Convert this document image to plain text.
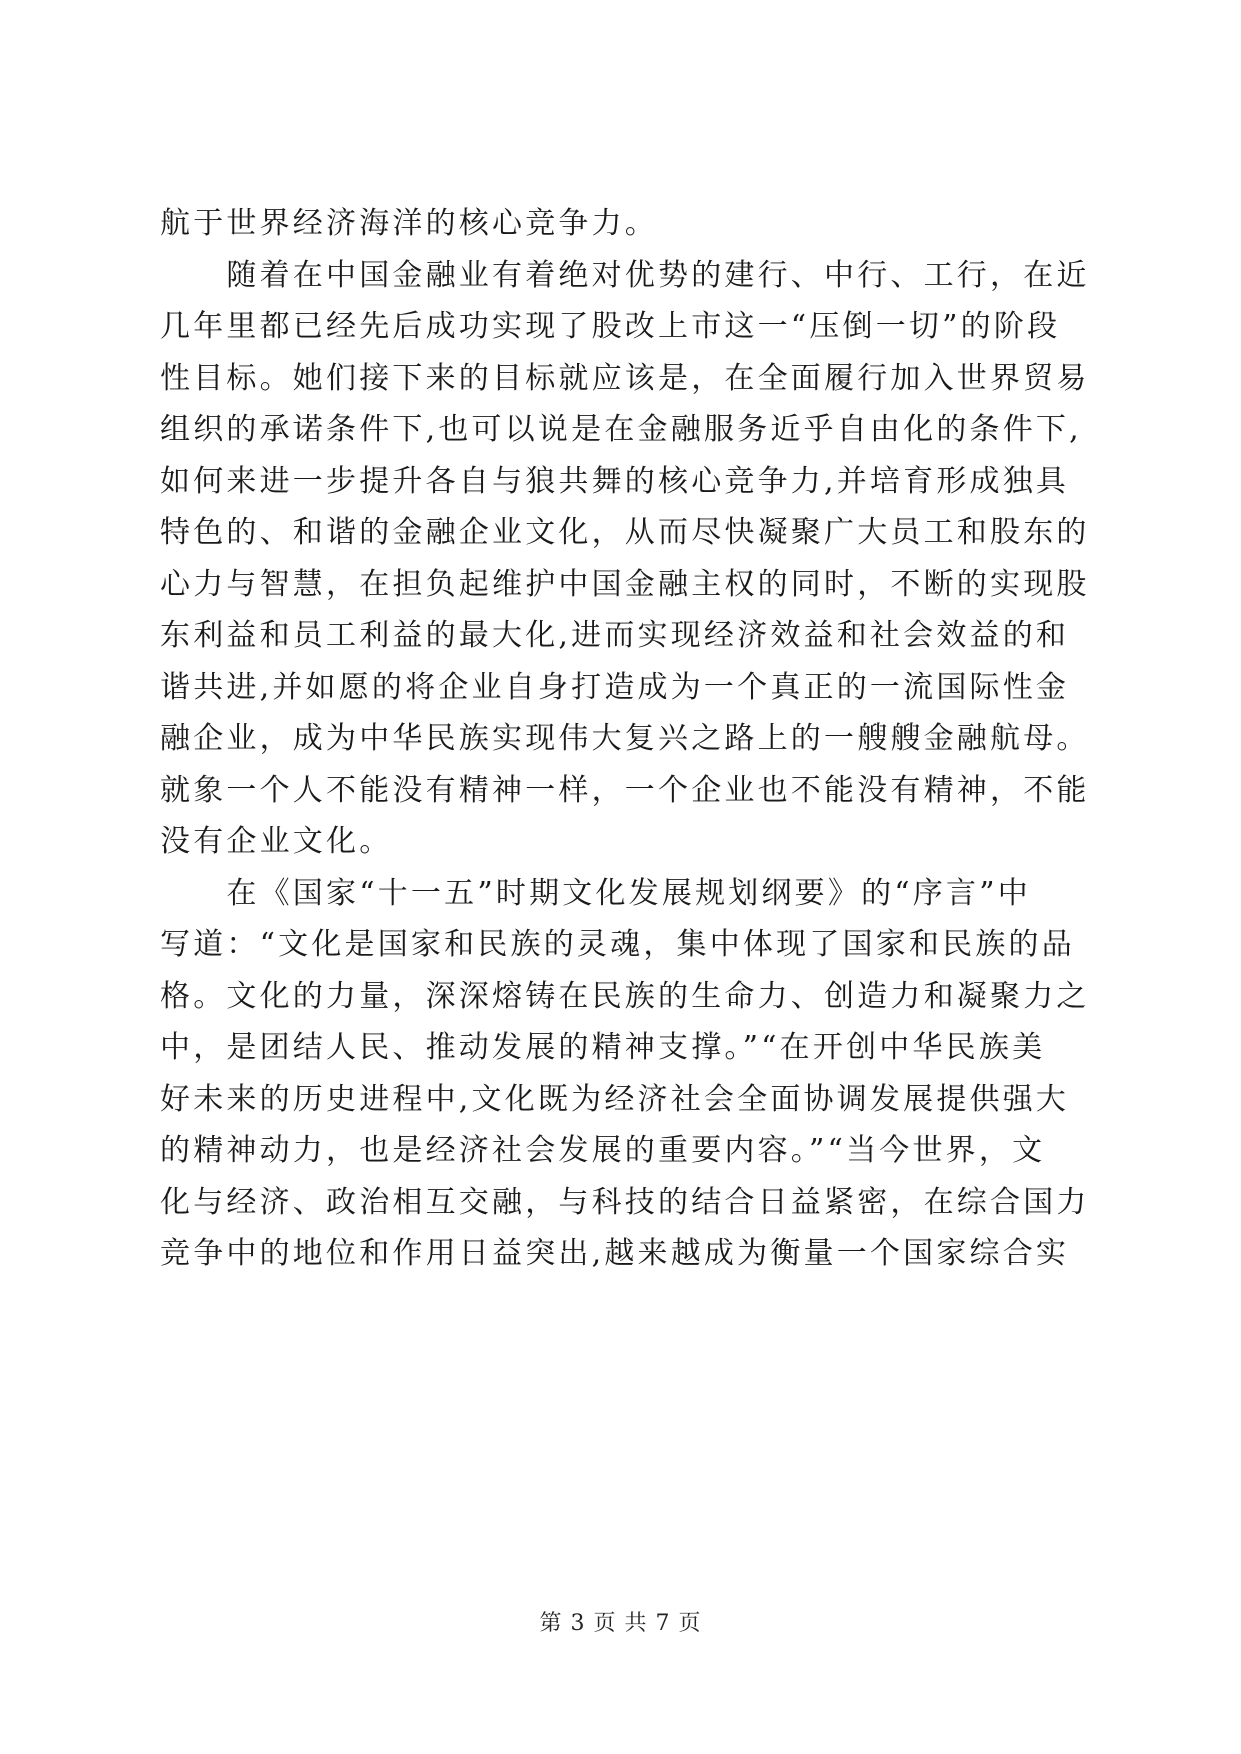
航于世界经济海洋的核心竞争力。
　　随着在中国金融业有着绝对优势的建行、中行、工行，在近
几年里都已经先后成功实现了股改上市这一“压倒一切”的阶段
性目标。她们接下来的目标就应该是，在全面履行加入世界贸易
组织的承诺条件下,也可以说是在金融服务近乎自由化的条件下,
如何来进一步提升各自与狼共舞的核心竞争力,并培育形成独具
特色的、和谐的金融企业文化，从而尽快凝聚广大员工和股东的
心力与智慧，在担负起维护中国金融主权的同时，不断的实现股
东利益和员工利益的最大化,进而实现经济效益和社会效益的和
谐共进,并如愿的将企业自身打造成为一个真正的一流国际性金
融企业，成为中华民族实现伟大复兴之路上的一艘艘金融航母。
就象一个人不能没有精神一样，一个企业也不能没有精神，不能
没有企业文化。
　　在《国家“十一五”时期文化发展规划纲要》的“序言”中
写道：“文化是国家和民族的灵魂，集中体现了国家和民族的品
格。文化的力量，深深熔铸在民族的生命力、创造力和凝聚力之
中，是团结人民、推动发展的精神支撑。”“在开创中华民族美
好未来的历史进程中,文化既为经济社会全面协调发展提供强大
的精神动力，也是经济社会发展的重要内容。”“当今世界，文
化与经济、政治相互交融，与科技的结合日益紧密，在综合国力
竞争中的地位和作用日益突出,越来越成为衡量一个国家综合实
第 3 页 共 7 页
